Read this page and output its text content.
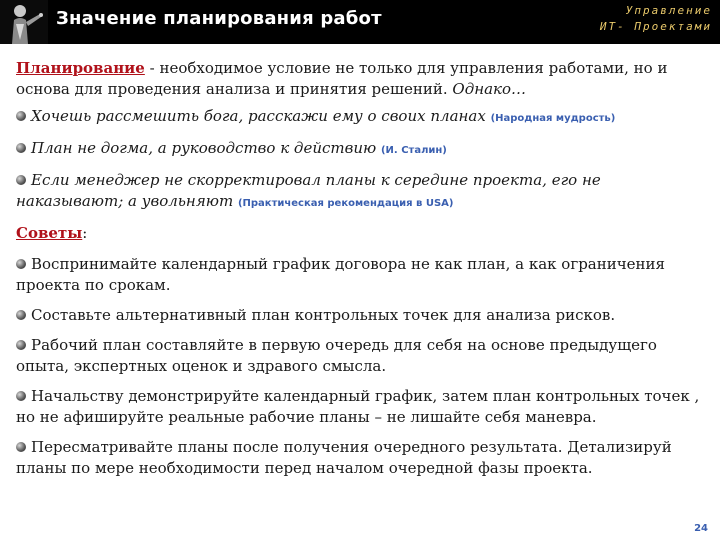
Значение планирования работ	Управление
ИТ- Проектами

Планирование - необходимое условие не только для управления работами, но и основа для проведения анализа и принятия решений. Однако…

Хочешь рассмешить бога, расскажи ему о своих планах (Народная мудрость)

План не догма, а руководство к действию (И. Сталин)

Если менеджер не скорректировал планы к середине проекта, его не наказывают; а увольняют (Практическая рекомендация в USA)

Советы:

Воспринимайте календарный график договора не как план, а как ограничения проекта по срокам.

Составьте альтернативный план контрольных точек для анализа рисков.

Рабочий план составляйте в первую очередь для себя на основе предыдущего опыта, экспертных оценок и здравого смысла.

Начальству демонстрируйте календарный график, затем план контрольных точек , но не афишируйте реальные рабочие планы – не лишайте себя маневра.

Пересматривайте планы после получения очередного результата. Детализируй планы по мере необходимости перед началом очередной фазы проекта.

24
